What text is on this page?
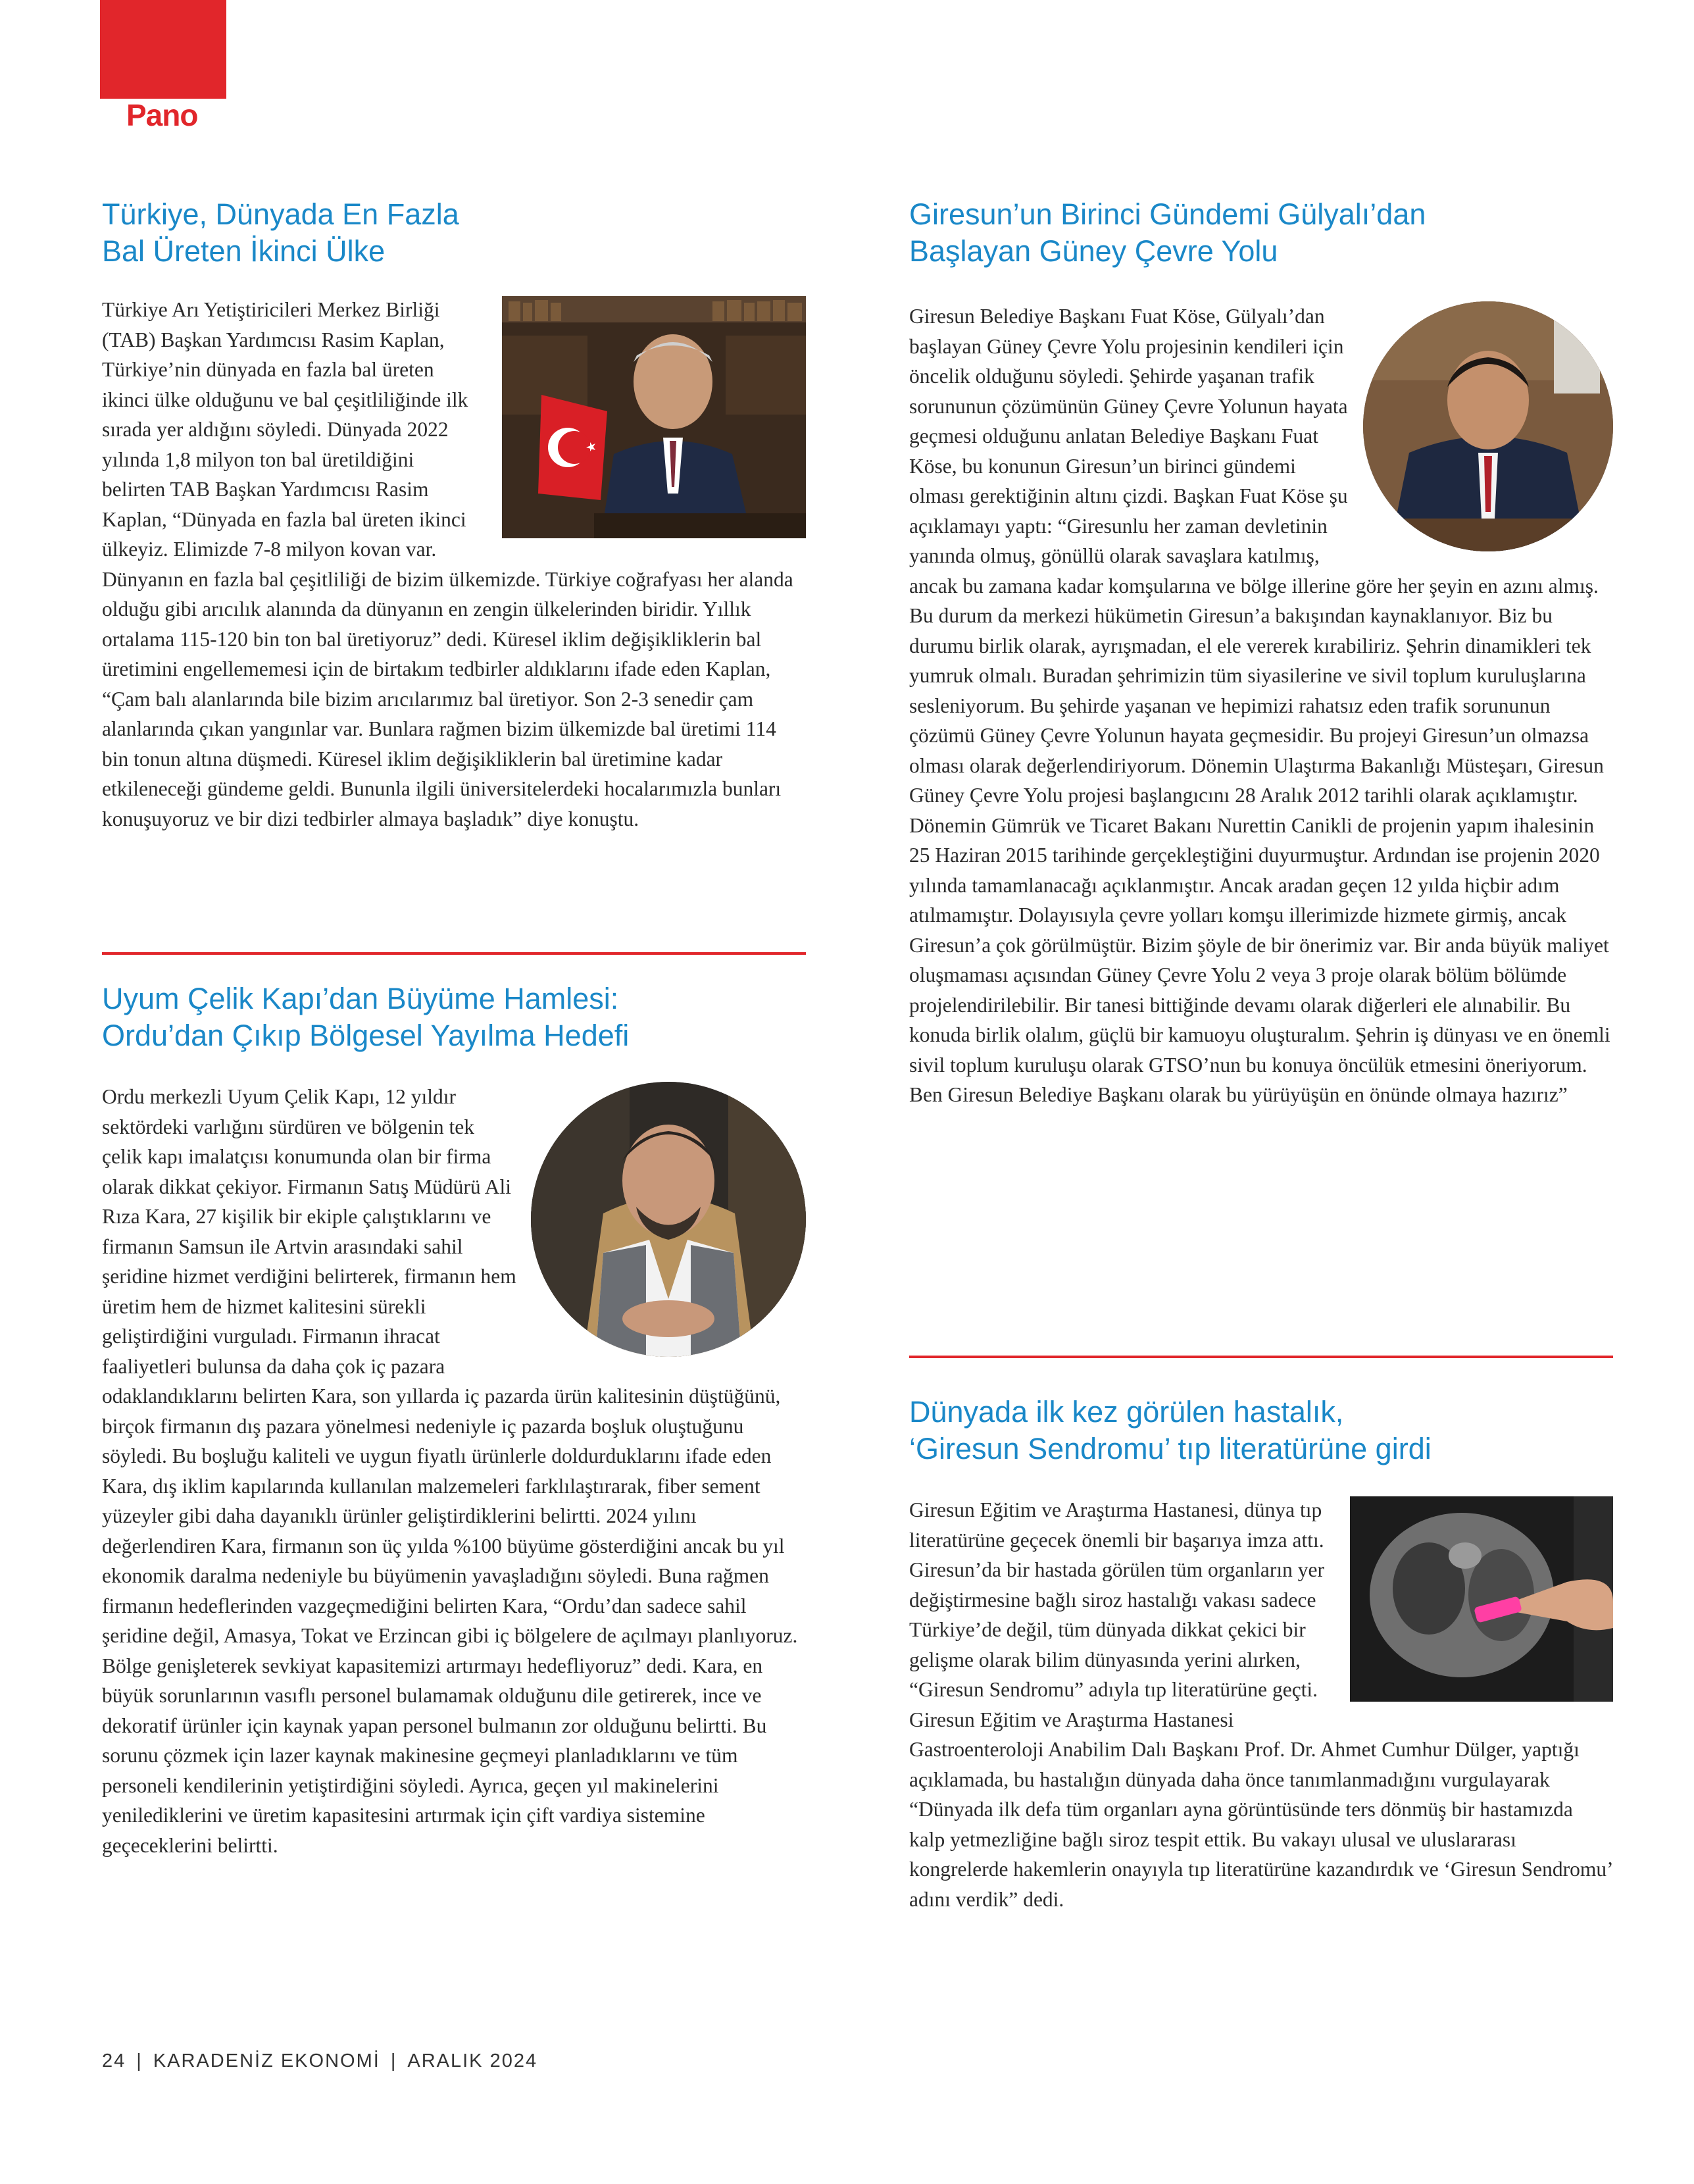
Pano
Türkiye, Dünyada En Fazla
Bal Üreten İkinci Ülke

Türkiye Arı Yetiştiricileri Merkez Birliği (TAB) Başkan Yardımcısı Rasim Kaplan, Türkiye’nin dünyada en fazla bal üreten ikinci ülke olduğunu ve bal çeşitliliğinde ilk sırada yer aldığını söyledi. Dünyada 2022 yılında 1,8 milyon ton bal üretildiğini belirten TAB Başkan Yardımcısı Rasim Kaplan, “Dünyada en fazla bal üreten ikinci ülkeyiz. Elimizde 7-8 milyon kovan var. Dünyanın en fazla bal çeşitliliği de bizim ülkemizde. Türkiye coğrafyası her alanda olduğu gibi arıcılık alanında da dünyanın en zengin ülkelerinden biridir. Yıllık ortalama 115-120 bin ton bal üretiyoruz” dedi. Küresel iklim değişikliklerin bal üretimini engellememesi için de birtakım tedbirler aldıklarını ifade eden Kaplan, “Çam balı alanlarında bile bizim arıcılarımız bal üretiyor. Son 2-3 senedir çam alanlarında çıkan yangınlar var. Bunlara rağmen bizim ülkemizde bal üretimi 114 bin tonun altına düşmedi. Küresel iklim değişikliklerin bal üretimine kadar etkileneceği gündeme geldi. Bununla ilgili üniversitelerdeki hocalarımızla bunları konuşuyoruz ve bir dizi tedbirler almaya başladık” diye konuştu.

Uyum Çelik Kapı’dan Büyüme Hamlesi:
Ordu’dan Çıkıp Bölgesel Yayılma Hedefi

Ordu merkezli Uyum Çelik Kapı, 12 yıldır sektördeki varlığını sürdüren ve bölgenin tek çelik kapı imalatçısı konumunda olan bir firma olarak dikkat çekiyor. Firmanın Satış Müdürü Ali Rıza Kara, 27 kişilik bir ekiple çalıştıklarını ve firmanın Samsun ile Artvin arasındaki sahil şeridine hizmet verdiğini belirterek, firmanın hem üretim hem de hizmet kalitesini sürekli geliştirdiğini vurguladı. Firmanın ihracat faaliyetleri bulunsa da daha çok iç pazara odaklandıklarını belirten Kara, son yıllarda iç pazarda ürün kalitesinin düştüğünü, birçok firmanın dış pazara yönelmesi nedeniyle iç pazarda boşluk oluştuğunu söyledi. Bu boşluğu kaliteli ve uygun fiyatlı ürünlerle doldurduklarını ifade eden Kara, dış iklim kapılarında kullanılan malzemeleri farklılaştırarak, fiber sement yüzeyler gibi daha dayanıklı ürünler geliştirdiklerini belirtti. 2024 yılını değerlendiren Kara, firmanın son üç yılda %100 büyüme gösterdiğini ancak bu yıl ekonomik daralma nedeniyle bu büyümenin yavaşladığını söyledi. Buna rağmen firmanın hedeflerinden vazgeçmediğini belirten Kara, “Ordu’dan sadece sahil şeridine değil, Amasya, Tokat ve Erzincan gibi iç bölgelere de açılmayı planlıyoruz. Bölge genişleterek sevkiyat kapasitemizi artırmayı hedefliyoruz” dedi. Kara, en büyük sorunlarının vasıflı personel bulamamak olduğunu dile getirerek, ince ve dekoratif ürünler için kaynak yapan personel bulmanın zor olduğunu belirtti. Bu sorunu çözmek için lazer kaynak makinesine geçmeyi planladıklarını ve tüm personeli kendilerinin yetiştirdiğini söyledi. Ayrıca, geçen yıl makinelerini yenilediklerini ve üretim kapasitesini artırmak için çift vardiya sistemine geçeceklerini belirtti.

Giresun’un Birinci Gündemi Gülyalı’dan
Başlayan Güney Çevre Yolu

Giresun Belediye Başkanı Fuat Köse, Gülyalı’dan başlayan Güney Çevre Yolu projesinin kendileri için öncelik olduğunu söyledi. Şehirde yaşanan trafik sorununun çözümünün Güney Çevre Yolunun hayata geçmesi olduğunu anlatan Belediye Başkanı Fuat Köse, bu konunun Giresun’un birinci gündemi olması gerektiğinin altını çizdi. Başkan Fuat Köse şu açıklamayı yaptı: “Giresunlu her zaman devletinin yanında olmuş, gönüllü olarak savaşlara katılmış, ancak bu zamana kadar komşularına ve bölge illerine göre her şeyin en azını almış. Bu durum da merkezi hükümetin Giresun’a bakışından kaynaklanıyor. Biz bu durumu birlik olarak, ayrışmadan, el ele vererek kırabiliriz. Şehrin dinamikleri tek yumruk olmalı. Buradan şehrimizin tüm siyasilerine ve sivil toplum kuruluşlarına sesleniyorum. Bu şehirde yaşanan ve hepimizi rahatsız eden trafik sorununun çözümü Güney Çevre Yolunun hayata geçmesidir. Bu projeyi Giresun’un olmazsa olması olarak değerlendiriyorum. Dönemin Ulaştırma Bakanlığı Müsteşarı, Giresun Güney Çevre Yolu projesi başlangıcını 28 Aralık 2012 tarihli olarak açıklamıştır. Dönemin Gümrük ve Ticaret Bakanı Nurettin Canikli de projenin yapım ihalesinin 25 Haziran 2015 tarihinde gerçekleştiğini duyurmuştur. Ardından ise projenin 2020 yılında tamamlanacağı açıklanmıştır. Ancak aradan geçen 12 yılda hiçbir adım atılmamıştır. Dolayısıyla çevre yolları komşu illerimizde hizmete girmiş, ancak Giresun’a çok görülmüştür. Bizim şöyle de bir önerimiz var. Bir anda büyük maliyet oluşmaması açısından Güney Çevre Yolu 2 veya 3 proje olarak bölüm bölümde projelendirilebilir. Bir tanesi bittiğinde devamı olarak diğerleri ele alınabilir. Bu konuda birlik olalım, güçlü bir kamuoyu oluşturalım. Şehrin iş dünyası ve en önemli sivil toplum kuruluşu olarak GTSO’nun bu konuya öncülük etmesini öneriyorum. Ben Giresun Belediye Başkanı olarak bu yürüyüşün en önünde olmaya hazırız”

Dünyada ilk kez görülen hastalık,
‘Giresun Sendromu’ tıp literatürüne girdi

Giresun Eğitim ve Araştırma Hastanesi, dünya tıp literatürüne geçecek önemli bir başarıya imza attı. Giresun’da bir hastada görülen tüm organların yer değiştirmesine bağlı siroz hastalığı vakası sadece Türkiye’de değil, tüm dünyada dikkat çekici bir gelişme olarak bilim dünyasında yerini alırken, “Giresun Sendromu” adıyla tıp literatürüne geçti. Giresun Eğitim ve Araştırma Hastanesi Gastroenteroloji Anabilim Dalı Başkanı Prof. Dr. Ahmet Cumhur Dülger, yaptığı açıklamada, bu hastalığın dünyada daha önce tanımlanmadığını vurgulayarak “Dünyada ilk defa tüm organları ayna görüntüsünde ters dönmüş bir hastamızda kalp yetmezliğine bağlı siroz tespit ettik. Bu vakayı ulusal ve uluslararası kongrelerde hakemlerin onayıyla tıp literatürüne kazandırdık ve ‘Giresun Sendromu’ adını verdik” dedi.

24 | KARADENİZ EKONOMİ | ARALIK 2024
